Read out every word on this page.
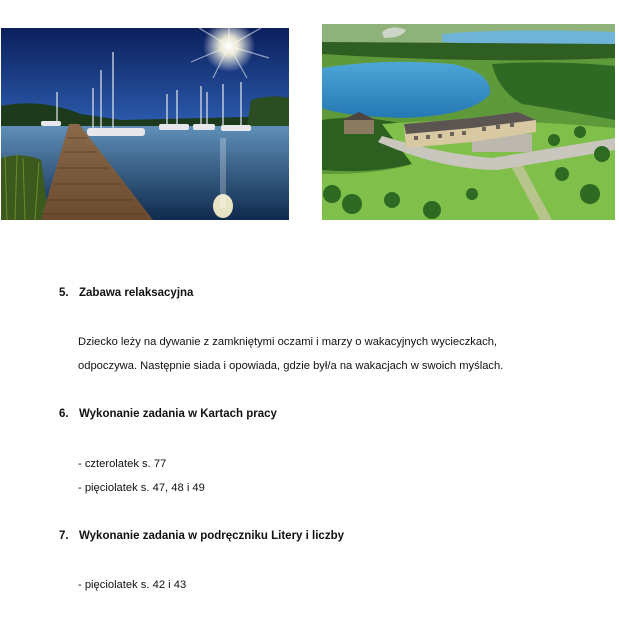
5. Zabawa relaksacyjna

Dziecko leży na dywanie z zamkniętymi oczami i marzy o wakacyjnych wycieczkach,
odpoczywa. Następnie siada i opowiada, gdzie był/a na wakacjach w swoich myślach.

6. Wykonanie zadania w Kartach pracy

- czterolatek s. 77

- pięciolatek s. 47, 48 i 49

7. Wykonanie zadania w podręczniku Litery i liczby

- pięciolatek s. 42 i 43
